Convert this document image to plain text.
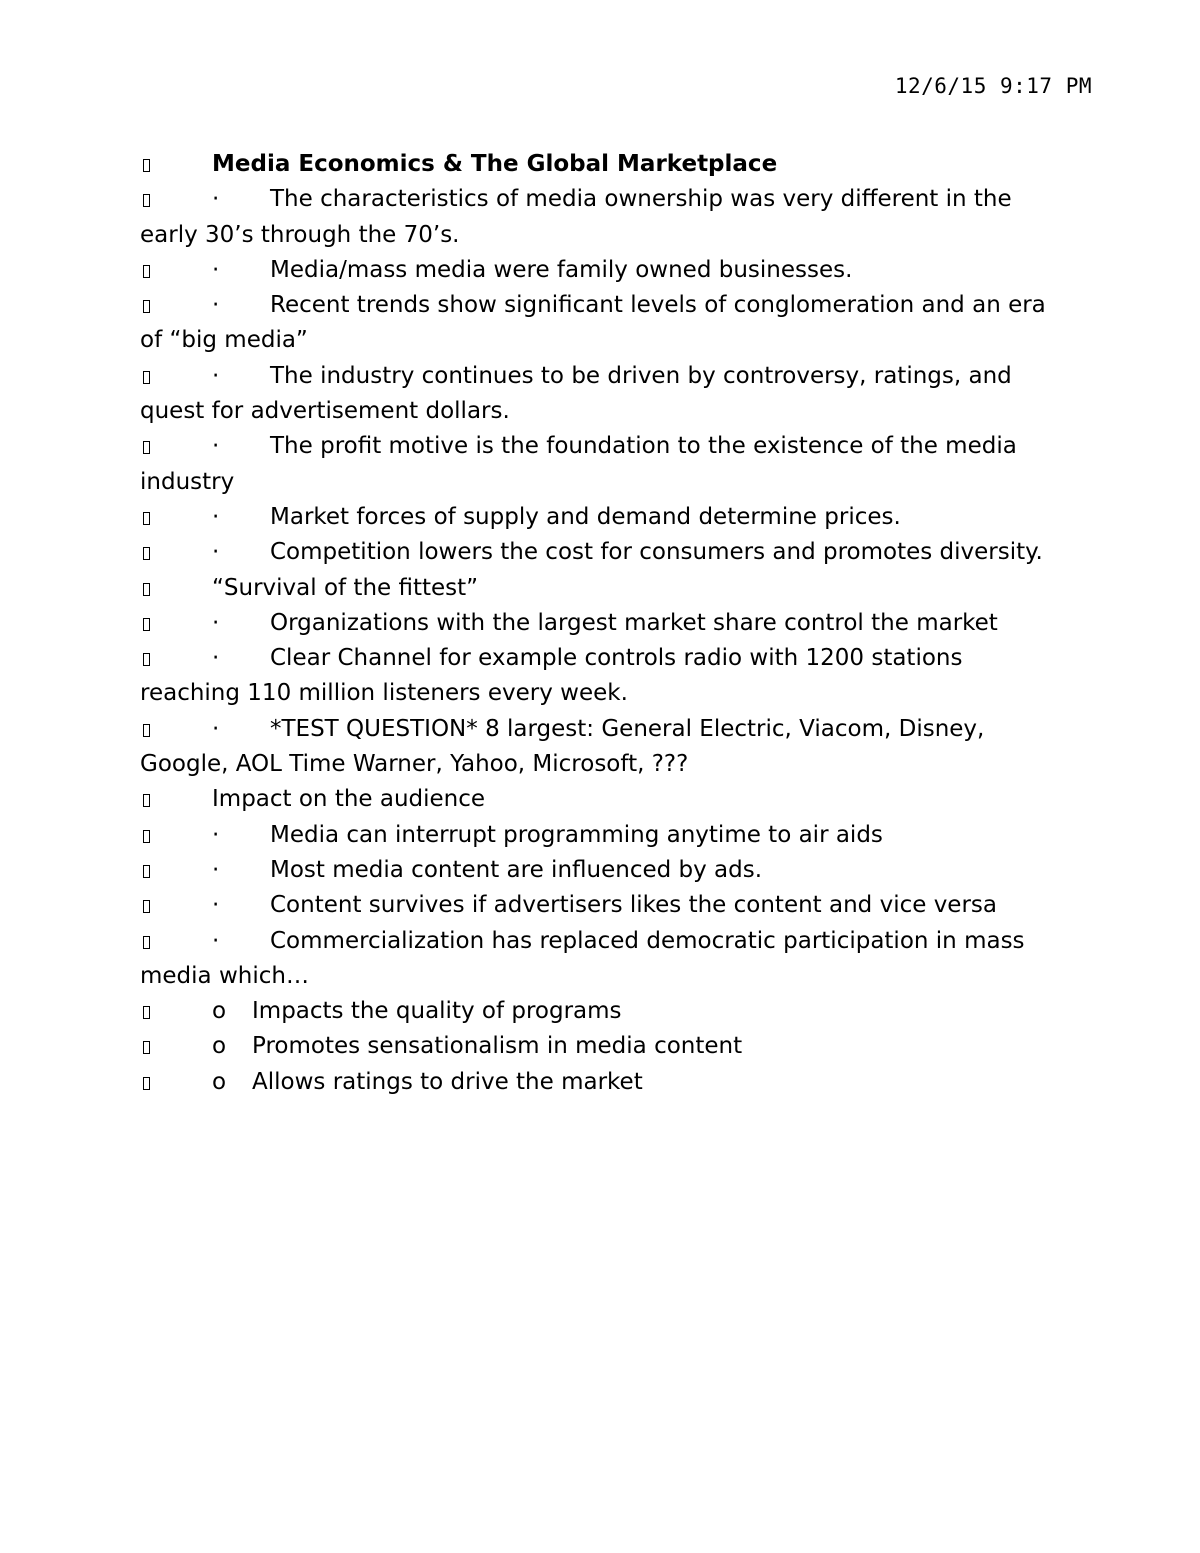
12/6/15 9:17 PM
Media Economics & The Global Marketplace
· The characteristics of media ownership was very different in the early 30’s through the 70’s.
· Media/mass media were family owned businesses.
· Recent trends show significant levels of conglomeration and an era of “big media”
· The industry continues to be driven by controversy, ratings, and quest for advertisement dollars.
· The profit motive is the foundation to the existence of the media industry
· Market forces of supply and demand determine prices.
· Competition lowers the cost for consumers and promotes diversity.
“Survival of the fittest”
· Organizations with the largest market share control the market
· Clear Channel for example controls radio with 1200 stations reaching 110 million listeners every week.
· *TEST QUESTION* 8 largest: General Electric, Viacom, Disney, Google, AOL Time Warner, Yahoo, Microsoft, ???
Impact on the audience
· Media can interrupt programming anytime to air aids
· Most media content are influenced by ads.
· Content survives if advertisers likes the content and vice versa
· Commercialization has replaced democratic participation in mass media which…
o Impacts the quality of programs
o Promotes sensationalism in media content
o Allows ratings to drive the market
